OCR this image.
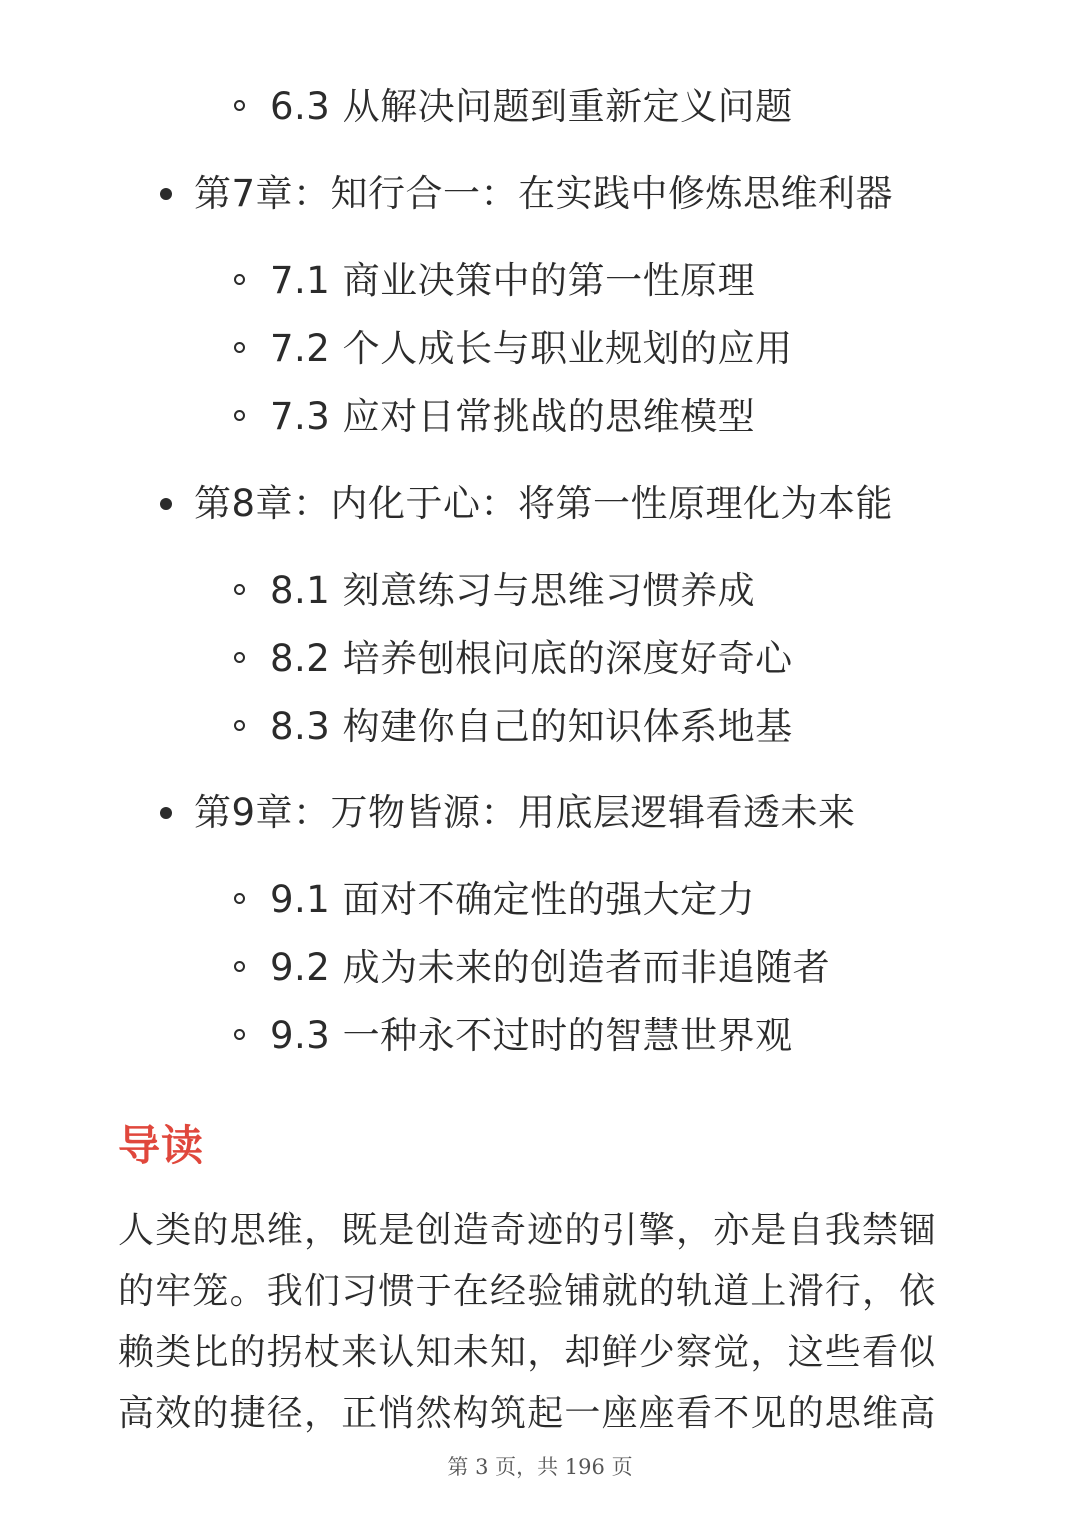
6.3 从解决问题到重新定义问题
第7章：知行合一：在实践中修炼思维利器
7.1 商业决策中的第一性原理
7.2 个人成长与职业规划的应用
7.3 应对日常挑战的思维模型
第8章：内化于心：将第一性原理化为本能
8.1 刻意练习与思维习惯养成
8.2 培养刨根问底的深度好奇心
8.3 构建你自己的知识体系地基
第9章：万物皆源：用底层逻辑看透未来
9.1 面对不确定性的强大定力
9.2 成为未来的创造者而非追随者
9.3 一种永不过时的智慧世界观
导读
人类的思维，既是创造奇迹的引擎，亦是自我禁锢
的牢笼。我们习惯于在经验铺就的轨道上滑行，依
赖类比的拐杖来认知未知，却鲜少察觉，这些看似
高效的捷径，正悄然构筑起一座座看不见的思维高
第 3 页，共 196 页
